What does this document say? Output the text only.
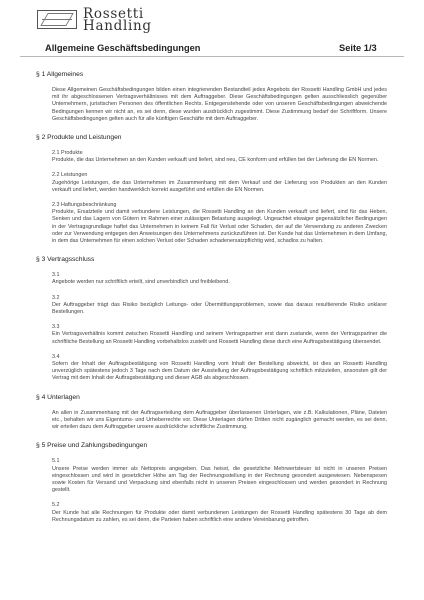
Rossetti
Handling
Allgemeine Geschäftsbedingungen	Seite 1/3
§ 1 Allgemeines
Diese Allgemeinen Geschäftsbedingungen bilden einen integrierenden Bestandteil jedes Angebots der Rossetti Handling GmbH und jedes mit ihr abgeschlossenen Vertragsverhältnisses mit dem Auftraggeber. Diese Geschäftsbedingungen gelten ausschliesslich gegenüber Unternehmern, juristischen Personen des öffentlichen Rechts. Entgegenstehende oder von unseren Geschäftsbedingungen abweichende Bedingungen kennen wir nicht an, es sei denn, diese wurden ausdrücklich zugestimmt. Diese Zustimmung bedarf der Schriftform. Unsere Geschäftsbedingungen gelten auch für alle künftigen Geschäfte mit dem Auftraggeber.
§ 2 Produkte und Leistungen
2.1 Produkte
Produkte, die das Unternehmen an den Kunden verkauft und liefert, sind neu, CE konform und erfüllen bei der Lieferung die EN Normen.
2.2 Leistungen
Zugehörige Leistungen, die das Unternehmen im Zusammenhang mit dem Verkauf und der Lieferung von Produkten an den Kunden verkauft und liefert, werden handwerklich korrekt ausgeführt und erfüllen die EN Normen.
2.3 Haftungsbeschränkung
Produkte, Ersatzteile und damit verbundene Leistungen, die Rossetti Handling an den Kunden verkauft und liefert, sind für das Heben, Senken und das Lagern von Gütern im Rahmen einer zulässigen Belastung ausgelegt. Ungeachtet etwaiger gegensätzlicher Bedingungen in der Vertragsgrundlage haftet das Unternehmen in keinem Fall für Verlust oder Schaden, der auf die Verwendung zu anderen Zwecken oder zur Verwendung entgegen den Anweisungen des Unternehmens zurückzuführen ist. Der Kunde hat das Unternehmen in dem Umfang, in dem das Unternehmen für einen solchen Verlust oder Schaden schadenersatzpflichtig wird, schadlos zu halten.
§ 3 Vertragsschluss
3.1
Angebote werden nur schriftlich erteilt, sind unverbindlich und freibleibend.
3.2
Der Auftraggeber trägt das Risiko bezüglich Leitungs- oder Übermittlungsproblemen, sowie das daraus resultierende Risiko unklarer Bestellungen.
3.3
Ein Vertragsverhältnis kommt zwischen Rossetti Handling und seinem Vertragspartner erst dann zustande, wenn der Vertragspartner die schriftliche Bestellung an Rossetti Handling vorbehaltslos zustellt und Rossetti Handling diese durch eine Auftragsbestätigung übersendet.
3.4
Sofern der Inhalt der Auftragsbestätigung von Rossetti Handling vom Inhalt der Bestellung abweicht, ist dies an Rossetti Handling unverzüglich spätestens jedoch 3 Tage nach dem Datum der Ausstellung der Auftragsbestätigung schriftlich mitzuteilen, ansonsten gilt der Vertrag mit dem Inhalt der Auftragsbestätigung und dieser AGB als abgeschlossen.
§ 4 Unterlagen
An allen in Zusammenhang mit der Auftragserteilung dem Auftraggeber überlassenen Unterlagen, wie z.B. Kalkulationen, Pläne, Dateien etc., behalten wir uns Eigentums- und Urheberrechte vor. Diese Unterlagen dürfen Dritten nicht zugänglich gemacht werden, es sei denn, wir erteilen dazu dem Auftraggeber unsere ausdrückliche schriftliche Zustimmung.
§ 5 Preise und Zahlungsbedingungen
5.1
Unsere Preise werden immer als Nettopreis angegeben. Das heisst, die gesetzliche Mehrwertsteuer ist nicht in unseren Preisen eingeschlossen und wird in gesetzlicher Höhe am Tag der Rechnungsstellung in der Rechnung gesondert ausgewiesen. Nebenspesen sowie Kosten für Versand und Verpackung sind ebenfalls nicht in unseren Preisen eingeschlossen und werden gesondert in Rechnung gestellt.
5.2
Der Kunde hat alle Rechnungen für Produkte oder damit verbundenen Leistungen der Rossetti Handling spätestens 30 Tage ab dem Rechnungsdatum zu zahlen, es sei denn, die Parteien haben schriftlich eine andere Vereinbarung getroffen.
